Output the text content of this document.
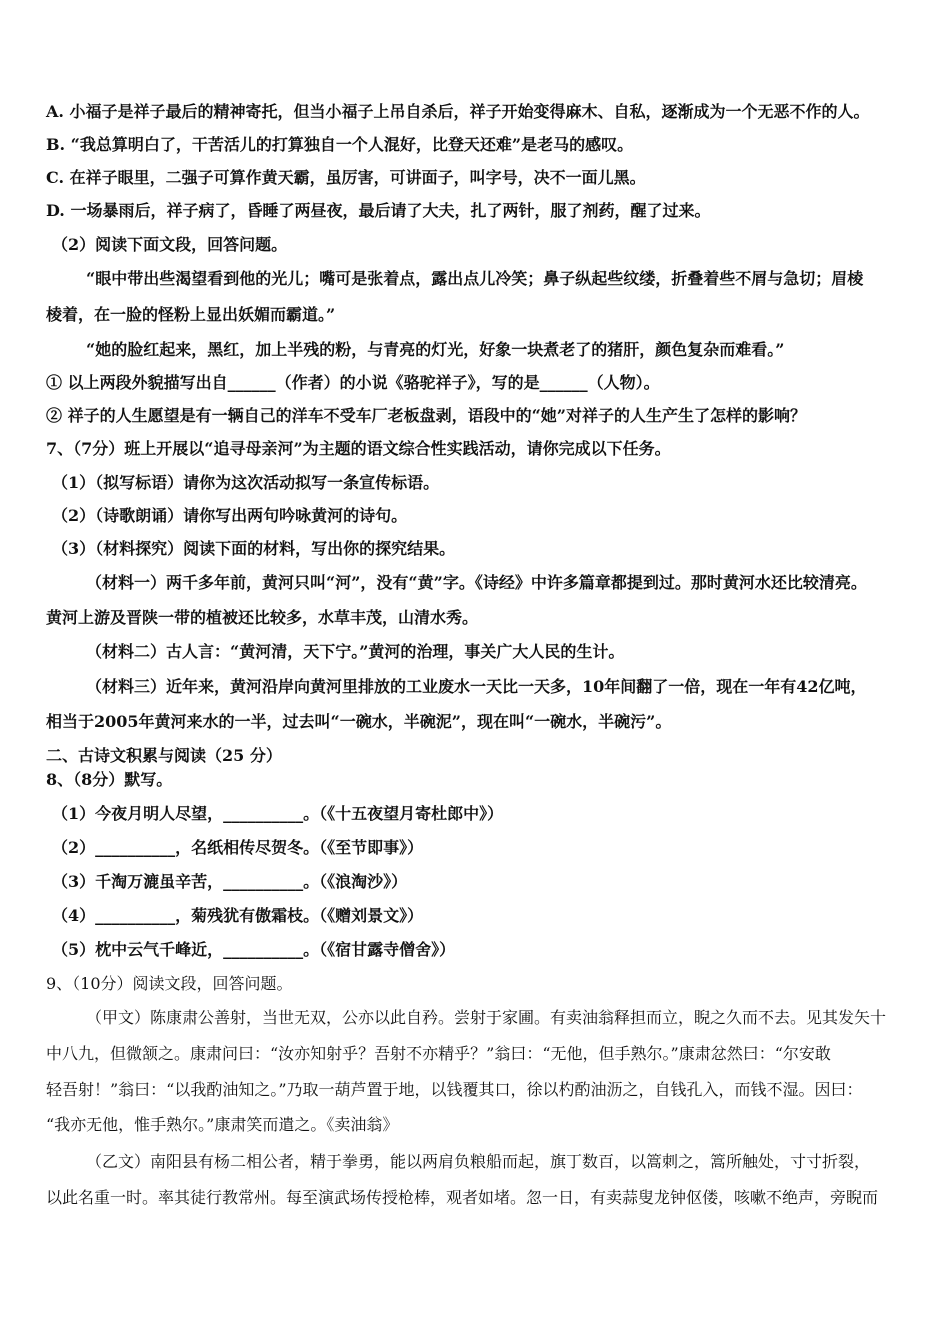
A. 小福子是祥子最后的精神寄托，但当小福子上吊自杀后，祥子开始变得麻木、自私，逐渐成为一个无恶不作的人。
B. “我总算明白了，干苦活儿的打算独自一个人混好，比登天还难”是老马的感叹。
C. 在祥子眼里，二强子可算作黄天霸，虽厉害，可讲面子，叫字号，决不一面儿黑。
D. 一场暴雨后，祥子病了，昏睡了两昼夜，最后请了大夫，扎了两针，服了剂药，醒了过来。
（2）阅读下面文段，回答问题。
“眼中带出些渴望看到他的光儿；嘴可是张着点，露出点儿冷笑；鼻子纵起些纹缕，折叠着些不屑与急切；眉棱
棱着，在一脸的怪粉上显出妖媚而霸道。”
“她的脸红起来，黑红，加上半残的粉，与青亮的灯光，好象一块煮老了的猪肝，颜色复杂而难看。”
① 以上两段外貌描写出自______（作者）的小说《骆驼祥子》，写的是______（人物）。
② 祥子的人生愿望是有一辆自己的洋车不受车厂老板盘剥，语段中的“她”对祥子的人生产生了怎样的影响？
7、（7分）班上开展以“追寻母亲河”为主题的语文综合性实践活动，请你完成以下任务。
（1）（拟写标语）请你为这次活动拟写一条宣传标语。
（2）（诗歌朗诵）请你写出两句吟咏黄河的诗句。
（3）（材料探究）阅读下面的材料，写出你的探究结果。
（材料一）两千多年前，黄河只叫“河”，没有“黄”字。《诗经》中许多篇章都提到过。那时黄河水还比较清亮。
黄河上游及晋陕一带的植被还比较多，水草丰茂，山清水秀。
（材料二）古人言：“黄河清，天下宁。”黄河的治理，事关广大人民的生计。
（材料三）近年来，黄河沿岸向黄河里排放的工业废水一天比一天多，10年间翻了一倍，现在一年有42亿吨，
相当于2005年黄河来水的一半，过去叫“一碗水，半碗泥”，现在叫“一碗水，半碗污”。
二、古诗文积累与阅读（25 分）
8、（8分）默写。
（1）今夜月明人尽望，__________。（《十五夜望月寄杜郎中》）
（2）__________，名纸相传尽贺冬。（《至节即事》）
（3）千淘万漉虽辛苦，__________。（《浪淘沙》）
（4）__________，菊残犹有傲霜枝。（《赠刘景文》）
（5）枕中云气千峰近，__________。（《宿甘露寺僧舍》）
9、（10分）阅读文段，回答问题。
（甲文）陈康肃公善射，当世无双，公亦以此自矜。尝射于家圃。有卖油翁释担而立，睨之久而不去。见其发矢十
中八九，但微颔之。康肃问曰：“汝亦知射乎？吾射不亦精乎？”翁曰：“无他，但手熟尔。”康肃忿然曰：“尔安敢
轻吾射！”翁曰：“以我酌油知之。”乃取一葫芦置于地，以钱覆其口，徐以杓酌油沥之，自钱孔入，而钱不湿。因曰：
“我亦无他，惟手熟尔。”康肃笑而遣之。《卖油翁》
（乙文）南阳县有杨二相公者，精于拳勇，能以两肩负粮船而起，旗丁数百，以篙刺之，篙所触处，寸寸折裂，
以此名重一时。率其徒行教常州。每至演武场传授枪棒，观者如堵。忽一日，有卖蒜叟龙钟伛偻，咳嗽不绝声，旁睨而
